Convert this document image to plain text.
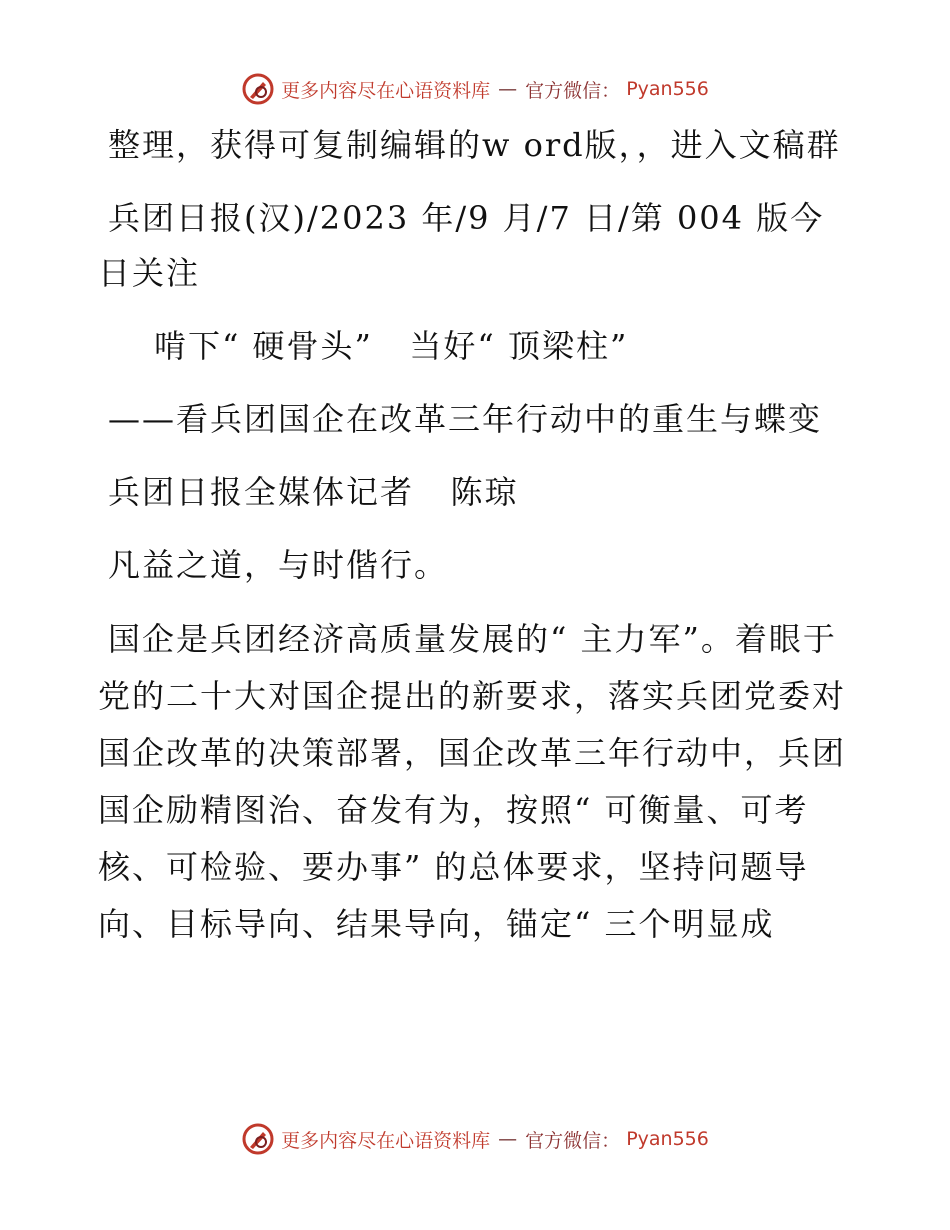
更多内容尽在心语资料库 — 官方微信： Pyan556

整理，获得可复制编辑的w ord版，，进入文稿群

兵团日报(汉)/2023 年/9 月/7 日/第 004 版今日关注

啃下“ 硬骨头”   当好“ 顶梁柱”

——看兵团国企在改革三年行动中的重生与蝶变

兵团日报全媒体记者   陈琼

凡益之道，与时偕行。

国企是兵团经济高质量发展的“ 主力军”。着眼于党的二十大对国企提出的新要求，落实兵团党委对国企改革的决策部署，国企改革三年行动中，兵团国企励精图治、奋发有为，按照“ 可衡量、可考核、可检验、要办事” 的总体要求，坚持问题导向、目标导向、结果导向，锚定“ 三个明显成

更多内容尽在心语资料库 — 官方微信： Pyan556
